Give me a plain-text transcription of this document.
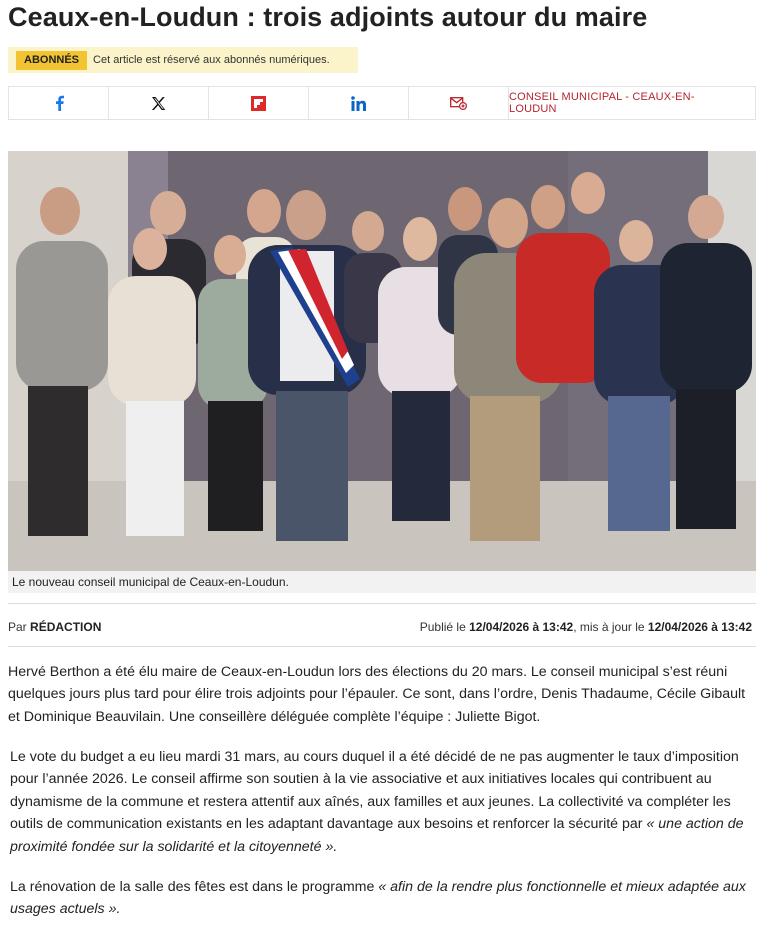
Ceaux-en-Loudun : trois adjoints autour du maire
ABONNÉS	Cet article est réservé aux abonnés numériques.
CONSEIL MUNICIPAL - CEAUX-EN-LOUDUN
Le nouveau conseil municipal de Ceaux-en-Loudun.
Par RÉDACTION	Publié le 12/04/2026 à 13:42, mis à jour le 12/04/2026 à 13:42

Hervé Berthon a été élu maire de Ceaux-en-Loudun lors des élections du 20 mars. Le conseil municipal s’est réuni quelques jours plus tard pour élire trois adjoints pour l’épauler. Ce sont, dans l’ordre, Denis Thadaume, Cécile Gibault et Dominique Beauvilain. Une conseillère déléguée complète l’équipe : Juliette Bigot.

Le vote du budget a eu lieu mardi 31 mars, au cours duquel il a été décidé de ne pas augmenter le taux d’imposition pour l’année 2026. Le conseil affirme son soutien à la vie associative et aux initiatives locales qui contribuent au dynamisme de la commune et restera attentif aux aînés, aux familles et aux jeunes. La collectivité va compléter les outils de communication existants en les adaptant davantage aux besoins et renforcer la sécurité par « une action de proximité fondée sur la solidarité et la citoyenneté ».

La rénovation de la salle des fêtes est dans le programme « afin de la rendre plus fonctionnelle et mieux adaptée aux usages actuels ».
